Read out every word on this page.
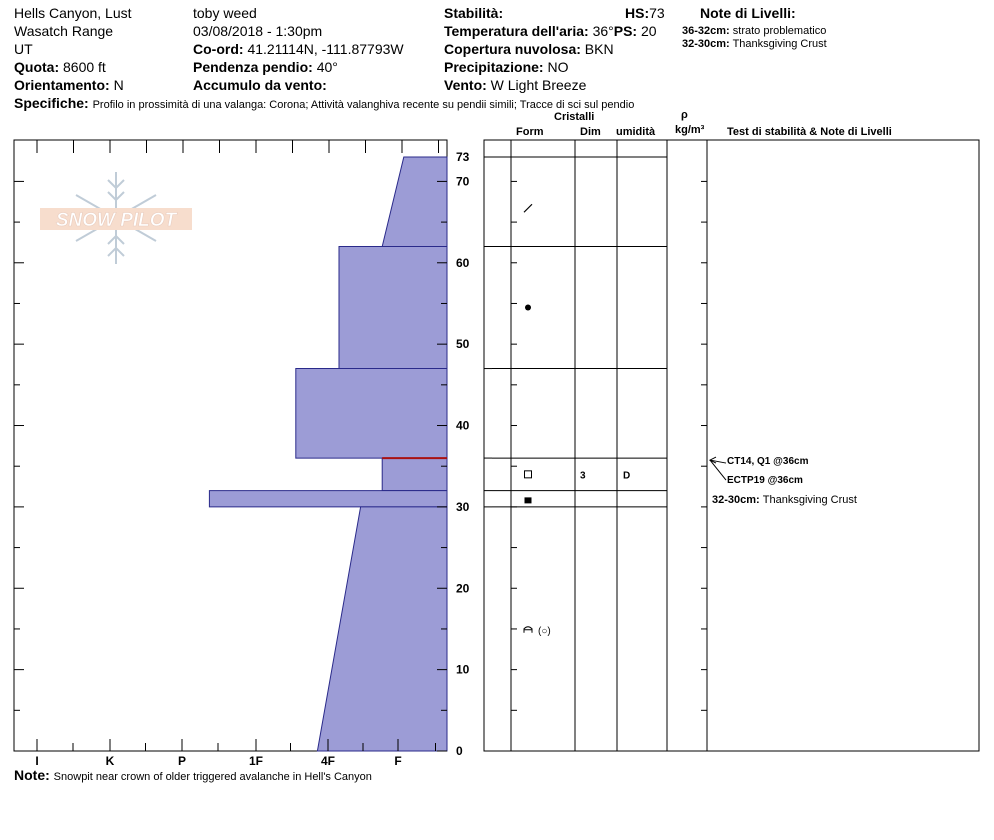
Hells Canyon, Lust
Wasatch Range
UT
Quota: 8600 ft
Orientamento: N
toby weed
03/08/2018 - 1:30pm
Co-ord: 41.21114N, -111.87793W
Pendenza pendio: 40°
Accumulo da vento:
Stabilità:	HS:73
Temperatura dell'aria: 36°PS: 20
Copertura nuvolosa: BKN
Precipitazione: NO
Vento: W Light Breeze
Note di Livelli:
36-32cm: strato problematico
32-30cm: Thanksgiving Crust
Specifiche: Profilo in prossimità di una valanga: Corona; Attività valanghiva recente su pendii simili; Tracce di sci sul pendio
Cristalli
Form	Dim umidità
ρ
kg/m³ Test di stabilità & Note di Livelli
Note: Snowpit near crown of older triggered avalanche in Hell's Canyon
SNOW PILOT
I	K	P	1F	4F	F
0
10
20
30
40
50
60
70
73
3	D
(○)
CT14, Q1 @36cm
ECTP19 @36cm
32-30cm: Thanksgiving Crust
